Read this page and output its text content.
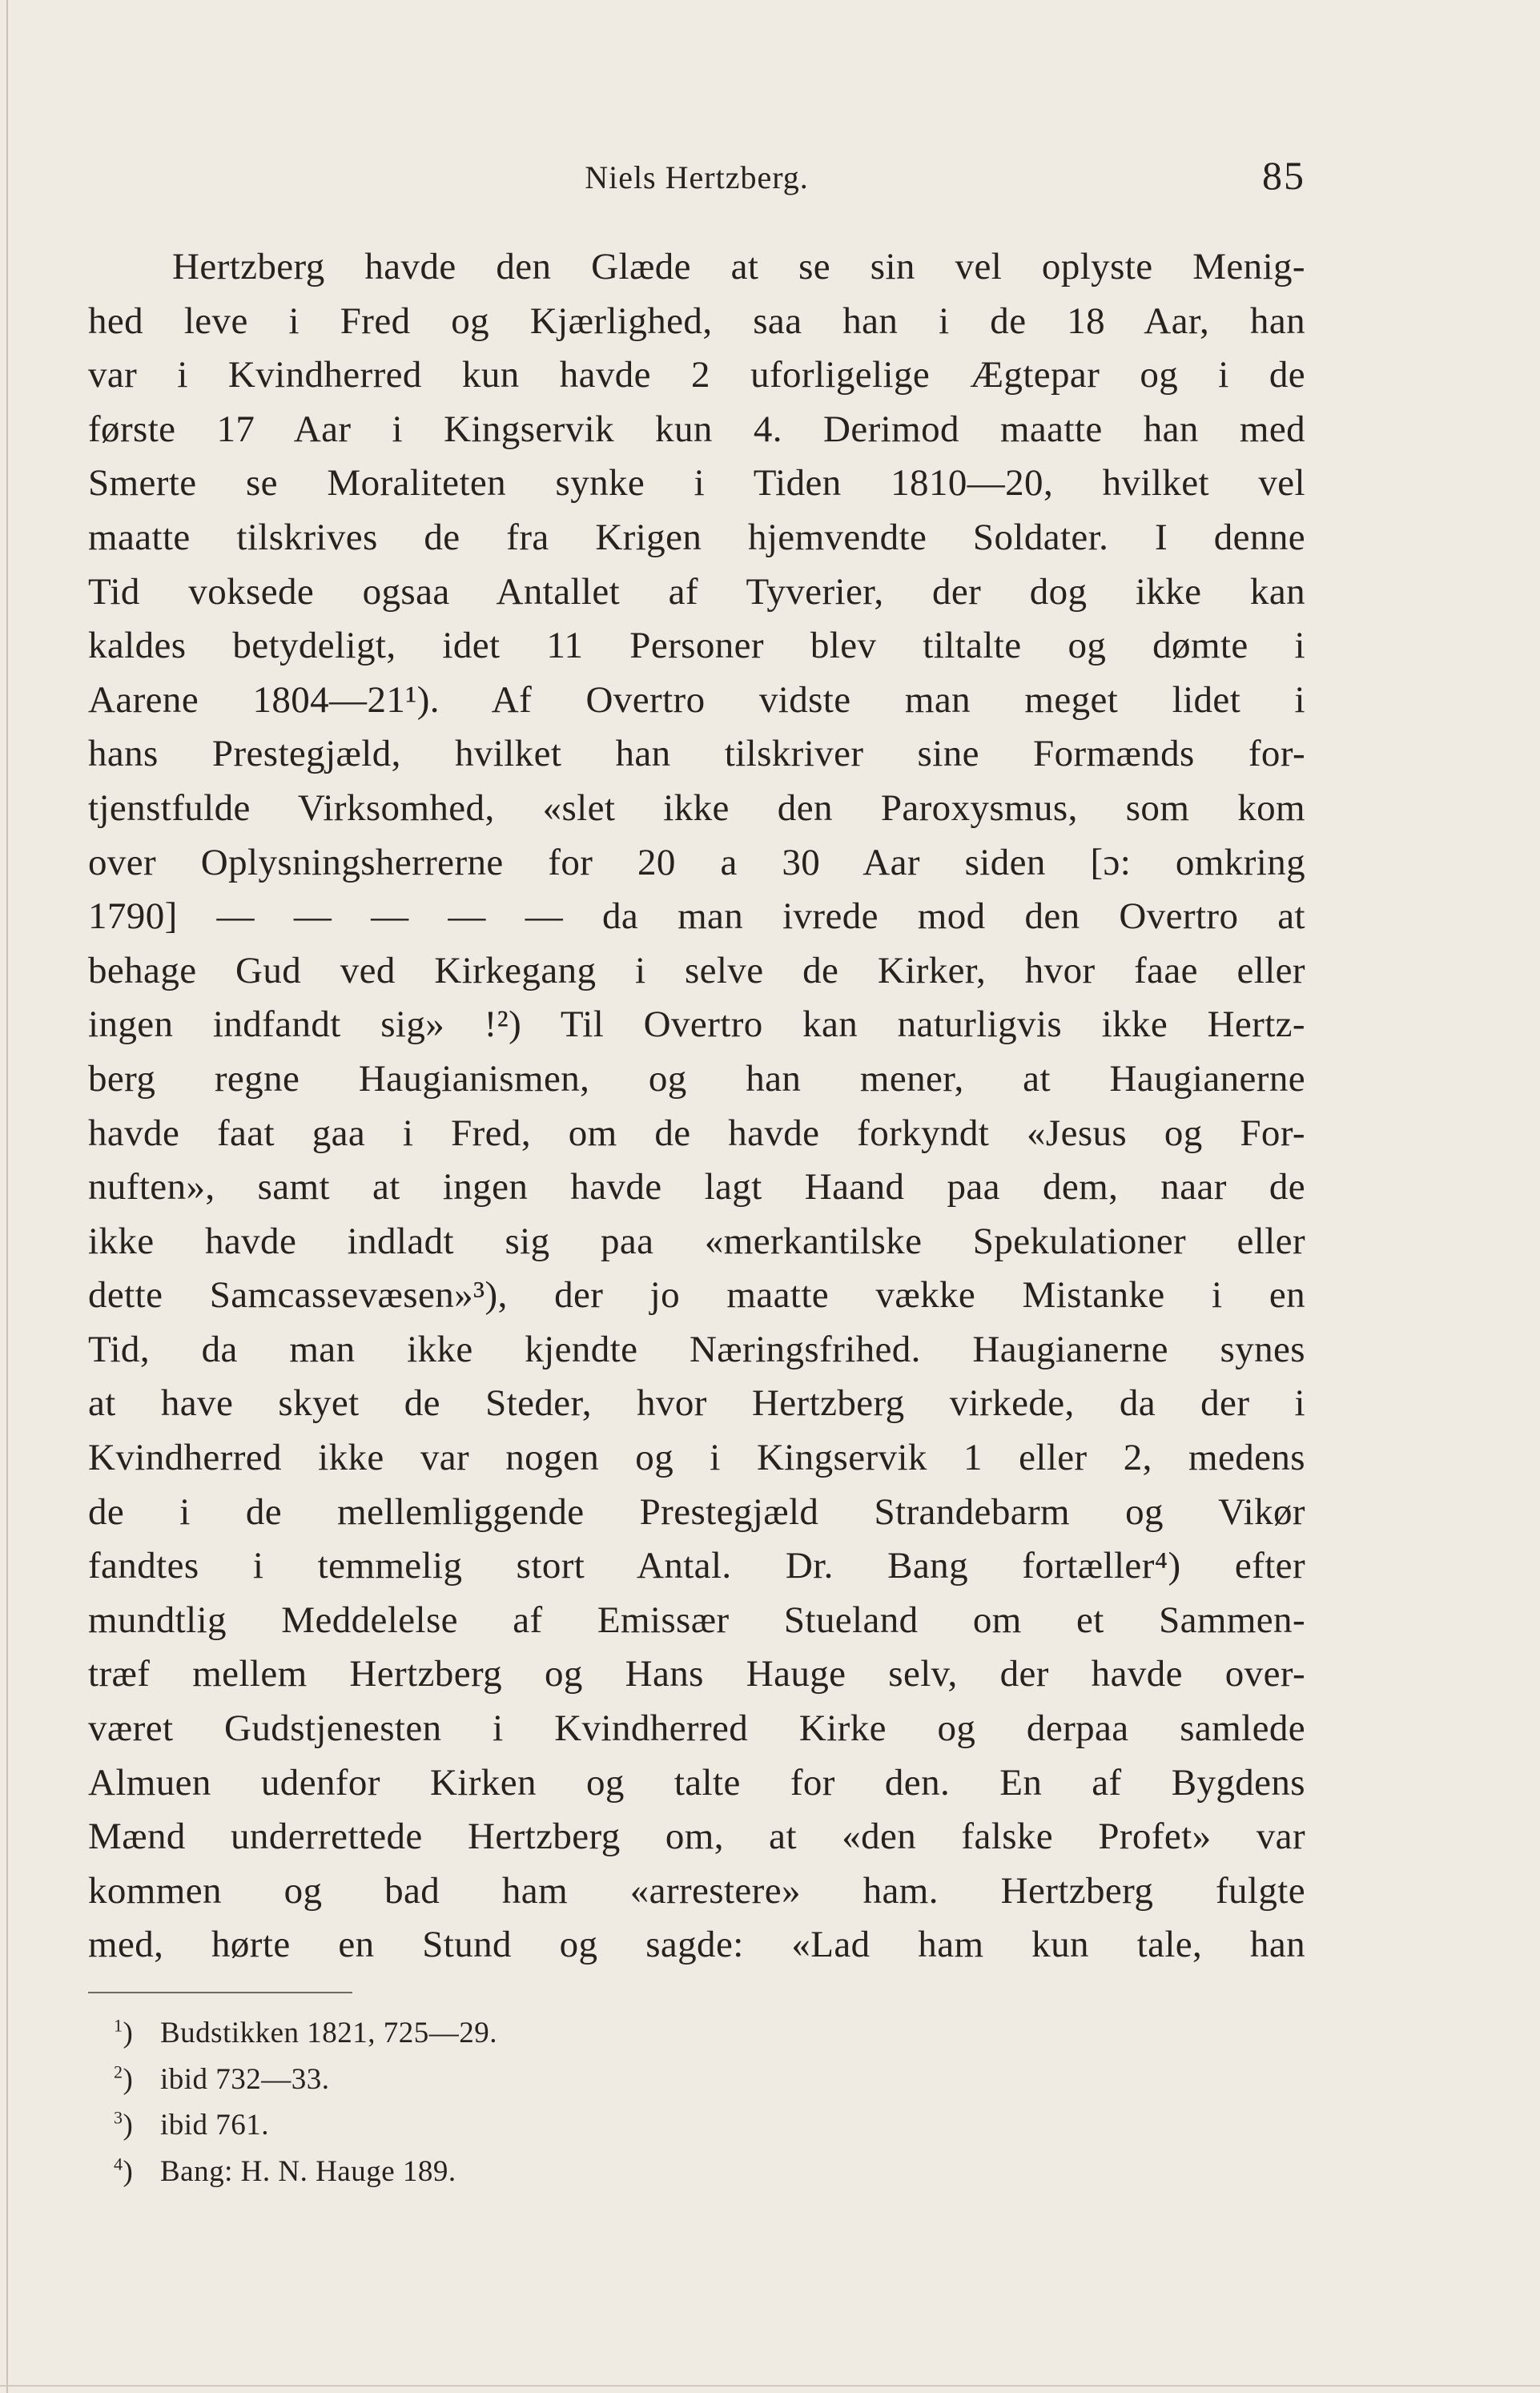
Niels Hertzberg.	85
Hertzberg havde den Glæde at se sin vel oplyste Menig-
hed leve i Fred og Kjærlighed, saa han i de 18 Aar, han
var i Kvindherred kun havde 2 uforligelige Ægtepar og i de
første 17 Aar i Kingservik kun 4. Derimod maatte han med
Smerte se Moraliteten synke i Tiden 1810—20, hvilket vel
maatte tilskrives de fra Krigen hjemvendte Soldater. I denne
Tid voksede ogsaa Antallet af Tyverier, der dog ikke kan
kaldes betydeligt, idet 11 Personer blev tiltalte og dømte i
Aarene 1804—21¹). Af Overtro vidste man meget lidet i
hans Prestegjæld, hvilket han tilskriver sine Formænds for-
tjenstfulde Virksomhed, «slet ikke den Paroxysmus, som kom
over Oplysningsherrerne for 20 a 30 Aar siden [ɔ: omkring
1790] — — — — — da man ivrede mod den Overtro at
behage Gud ved Kirkegang i selve de Kirker, hvor faae eller
ingen indfandt sig» !²) Til Overtro kan naturligvis ikke Hertz-
berg regne Haugianismen, og han mener, at Haugianerne
havde faat gaa i Fred, om de havde forkyndt «Jesus og For-
nuften», samt at ingen havde lagt Haand paa dem, naar de
ikke havde indladt sig paa «merkantilske Spekulationer eller
dette Samcassevæsen»³), der jo maatte vække Mistanke i en
Tid, da man ikke kjendte Næringsfrihed. Haugianerne synes
at have skyet de Steder, hvor Hertzberg virkede, da der i
Kvindherred ikke var nogen og i Kingservik 1 eller 2, medens
de i de mellemliggende Prestegjæld Strandebarm og Vikør
fandtes i temmelig stort Antal. Dr. Bang fortæller⁴) efter
mundtlig Meddelelse af Emissær Stueland om et Sammen-
træf mellem Hertzberg og Hans Hauge selv, der havde over-
været Gudstjenesten i Kvindherred Kirke og derpaa samlede
Almuen udenfor Kirken og talte for den. En af Bygdens
Mænd underrettede Hertzberg om, at «den falske Profet» var
kommen og bad ham «arrestere» ham. Hertzberg fulgte
med, hørte en Stund og sagde: «Lad ham kun tale, han
$^1$) Budstikken 1821, 725—29.
$^2$) ibid 732—33.
$^3$) ibid 761.
$^4$) Bang: H. N. Hauge 189.
